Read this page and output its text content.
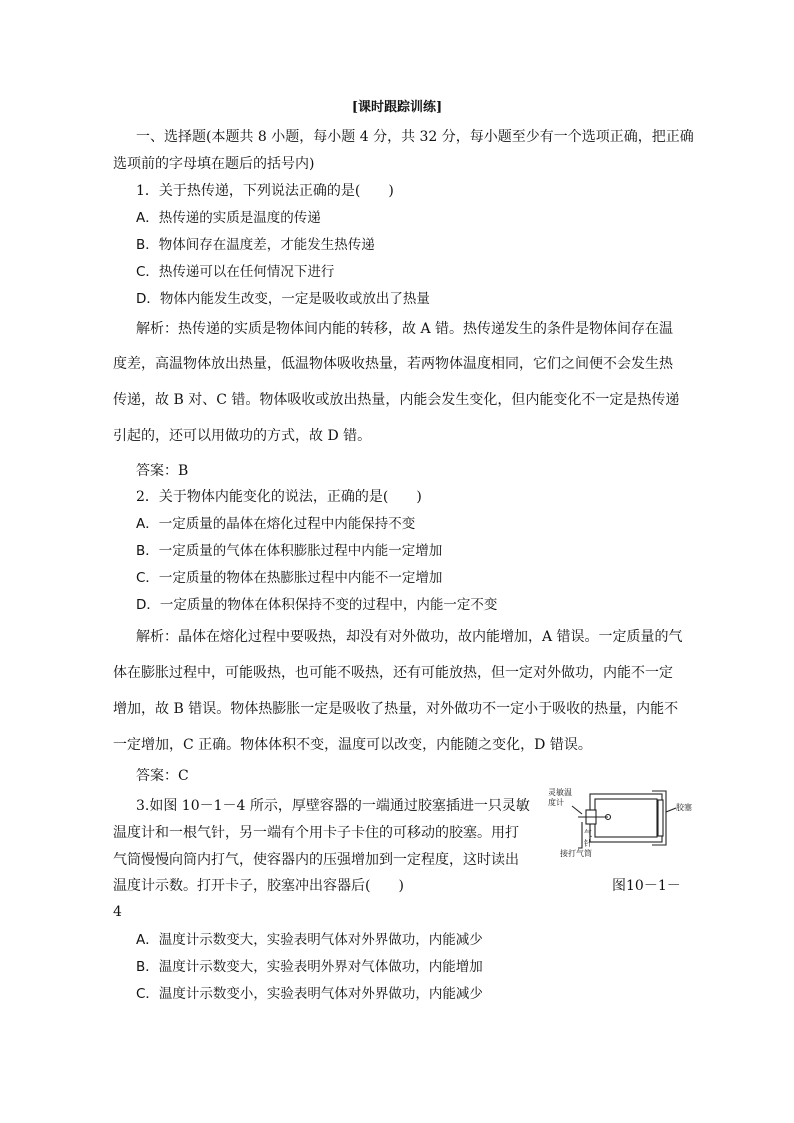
[课时跟踪训练]
一、选择题(本题共 8 小题，每小题 4 分，共 32 分，每小题至少有一个选项正确，把正确
选项前的字母填在题后的括号内)
1．关于热传递，下列说法正确的是(　　)
A．热传递的实质是温度的传递
B．物体间存在温度差，才能发生热传递
C．热传递可以在任何情况下进行
D．物体内能发生改变，一定是吸收或放出了热量
解析：热传递的实质是物体间内能的转移，故 A 错。热传递发生的条件是物体间存在温
度差，高温物体放出热量，低温物体吸收热量，若两物体温度相同，它们之间便不会发生热
传递，故 B 对、C 错。物体吸收或放出热量，内能会发生变化，但内能变化不一定是热传递
引起的，还可以用做功的方式，故 D 错。
答案：B
2．关于物体内能变化的说法，正确的是(　　)
A．一定质量的晶体在熔化过程中内能保持不变
B．一定质量的气体在体积膨胀过程中内能一定增加
C．一定质量的物体在热膨胀过程中内能不一定增加
D．一定质量的物体在体积保持不变的过程中，内能一定不变
解析：晶体在熔化过程中要吸热，却没有对外做功，故内能增加，A 错误。一定质量的气
体在膨胀过程中，可能吸热，也可能不吸热，还有可能放热，但一定对外做功，内能不一定
增加，故 B 错误。物体热膨胀一定是吸收了热量，对外做功不一定小于吸收的热量，内能不
一定增加，C 正确。物体体积不变，温度可以改变，内能随之变化，D 错误。
答案：C
3.如图 10－1－4 所示，厚壁容器的一端通过胶塞插进一只灵敏
温度计和一根气针，另一端有个用卡子卡住的可移动的胶塞。用打
气筒慢慢向筒内打气，使容器内的压强增加到一定程度，这时读出
温度计示数。打开卡子，胶塞冲出容器后(　　)
灵敏温
度计
气
针
接打气筒
胶塞
图10－1－
4
A．温度计示数变大，实验表明气体对外界做功，内能减少
B．温度计示数变大，实验表明外界对气体做功，内能增加
C．温度计示数变小，实验表明气体对外界做功，内能减少
